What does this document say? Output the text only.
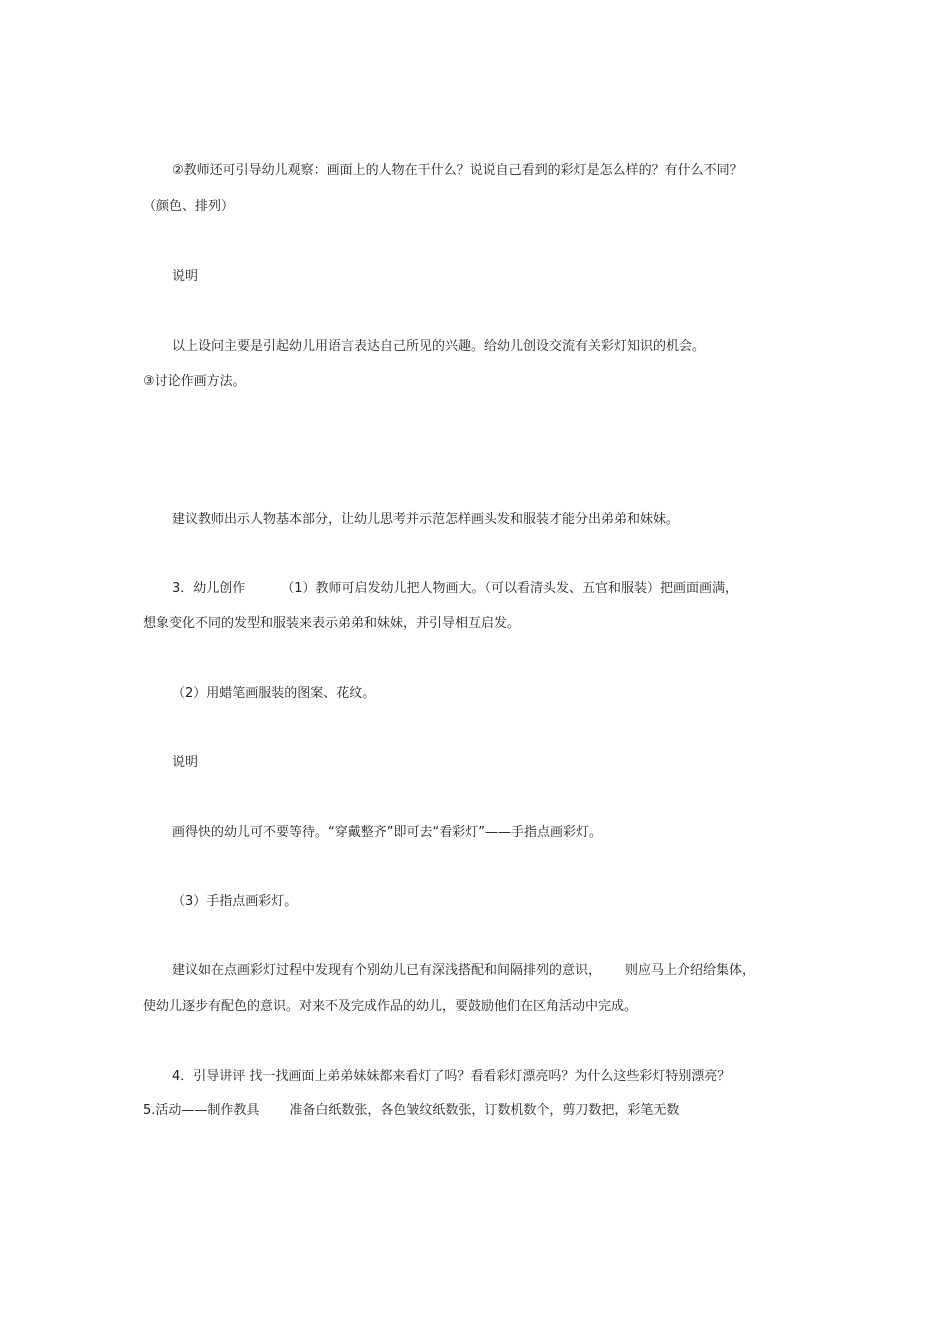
②教师还可引导幼儿观察：画面上的人物在干什么？说说自己看到的彩灯是怎么样的？有什么不同？
（颜色、排列）
说明
以上设问主要是引起幼儿用语言表达自己所见的兴趣。给幼儿创设交流有关彩灯知识的机会。
③讨论作画方法。
建议教师出示人物基本部分，让幼儿思考并示范怎样画头发和服装才能分出弟弟和妹妹。
3．幼儿创作	（1）教师可启发幼儿把人物画大。（可以看清头发、五官和服装）把画面画满，
想象变化不同的发型和服装来表示弟弟和妹妹，并引导相互启发。
（2）用蜡笔画服装的图案、花纹。
说明
画得快的幼儿可不要等待。“穿戴整齐”即可去“看彩灯”——手指点画彩灯。
（3）手指点画彩灯。
建议如在点画彩灯过程中发现有个别幼儿已有深浅搭配和间隔排列的意识， 则应马上介绍给集体，
使幼儿逐步有配色的意识。对来不及完成作品的幼儿，要鼓励他们在区角活动中完成。
4．引导讲评 找一找画面上弟弟妹妹都来看灯了吗？看看彩灯漂亮吗？为什么这些彩灯特别漂亮？
5.活动——制作教具 准备白纸数张，各色皱纹纸数张，订数机数个，剪刀数把，彩笔无数
